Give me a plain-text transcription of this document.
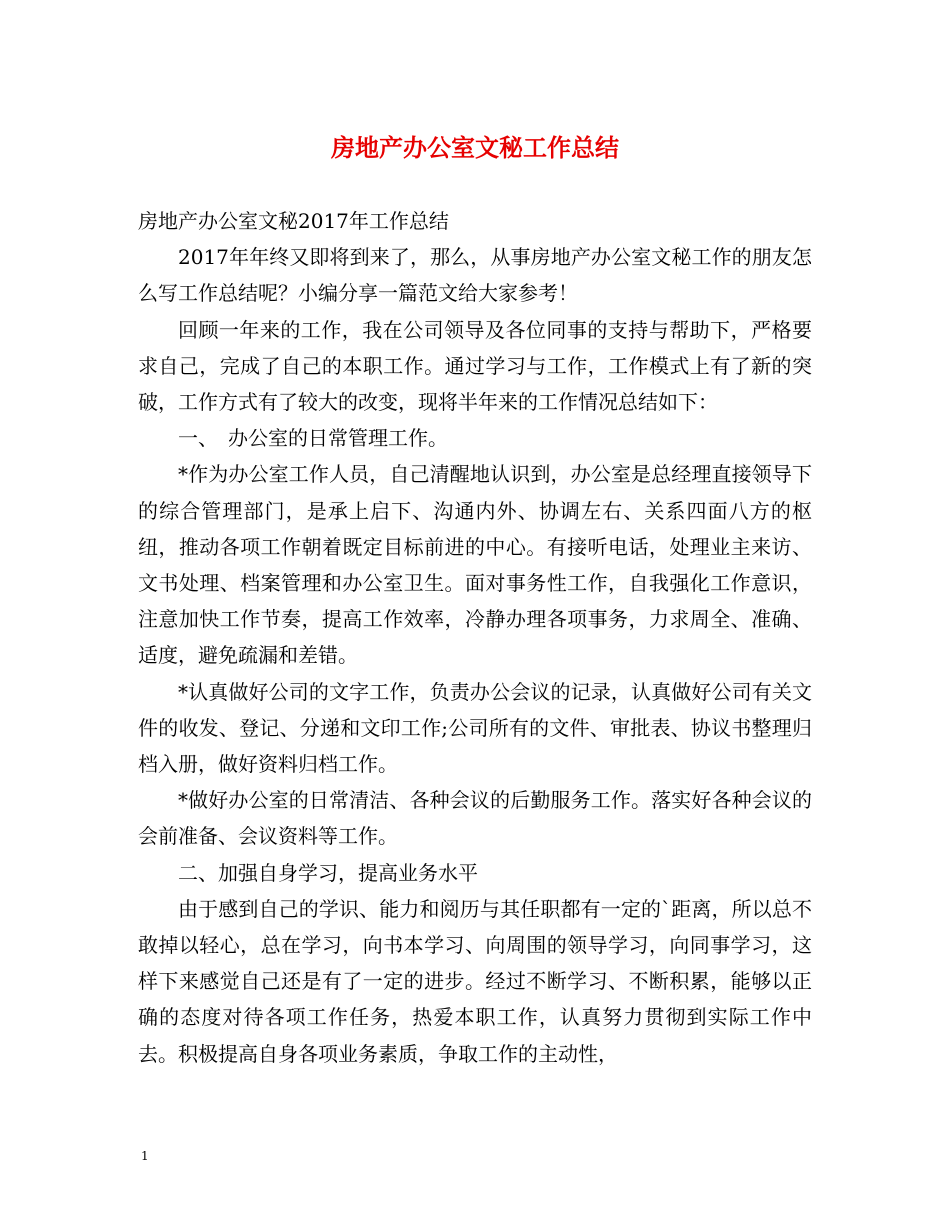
房地产办公室文秘工作总结

房地产办公室文秘2017年工作总结

2017年年终又即将到来了，那么，从事房地产办公室文秘工作的朋友怎么写工作总结呢？小编分享一篇范文给大家参考！

回顾一年来的工作，我在公司领导及各位同事的支持与帮助下，严格要求自己，完成了自己的本职工作。通过学习与工作，工作模式上有了新的突破，工作方式有了较大的改变，现将半年来的工作情况总结如下：

一、　办公室的日常管理工作。

*作为办公室工作人员，自己清醒地认识到，办公室是总经理直接领导下的综合管理部门，是承上启下、沟通内外、协调左右、关系四面八方的枢纽，推动各项工作朝着既定目标前进的中心。有接听电话，处理业主来访、文书处理、档案管理和办公室卫生。面对事务性工作，自我强化工作意识，注意加快工作节奏，提高工作效率，冷静办理各项事务，力求周全、准确、适度，避免疏漏和差错。

*认真做好公司的文字工作，负责办公会议的记录，认真做好公司有关文件的收发、登记、分递和文印工作;公司所有的文件、审批表、协议书整理归档入册，做好资料归档工作。

*做好办公室的日常清洁、各种会议的后勤服务工作。落实好各种会议的会前准备、会议资料等工作。

二、加强自身学习，提高业务水平

由于感到自己的学识、能力和阅历与其任职都有一定的`距离，所以总不敢掉以轻心，总在学习，向书本学习、向周围的领导学习，向同事学习，这样下来感觉自己还是有了一定的进步。经过不断学习、不断积累，能够以正确的态度对待各项工作任务，热爱本职工作，认真努力贯彻到实际工作中去。积极提高自身各项业务素质，争取工作的主动性，

1
